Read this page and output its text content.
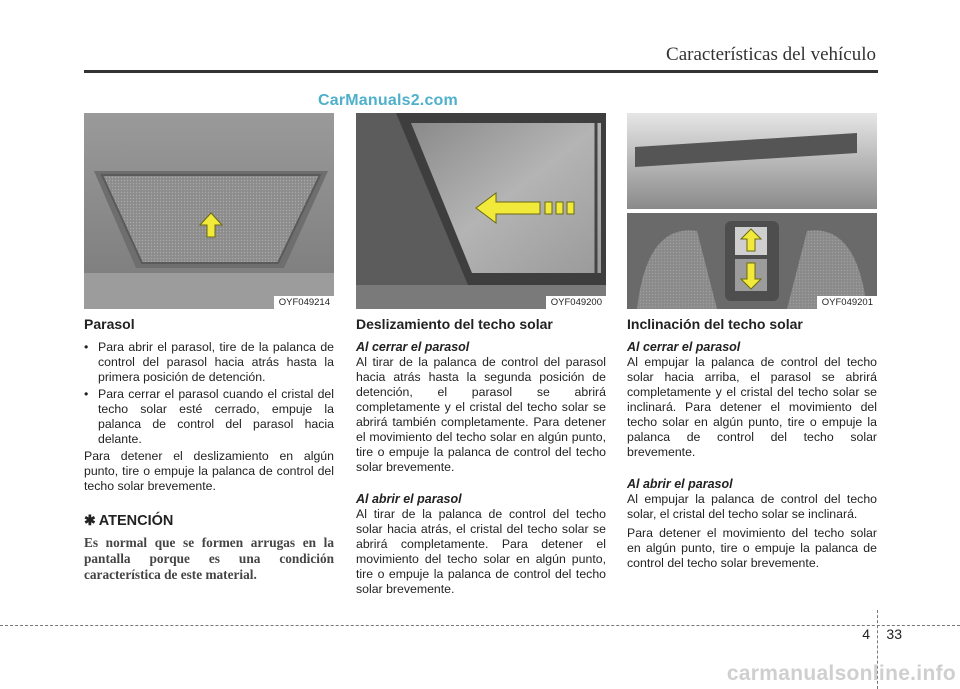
Características del vehículo
CarManuals2.com
OYF049214
Parasol
• Para abrir el parasol, tire de la palanca de control del parasol hacia atrás hasta la primera posición de detención.
• Para cerrar el parasol cuando el cristal del techo solar esté cerrado, empuje la palanca de control del parasol hacia delante.

Para detener el deslizamiento en algún punto, tire o empuje la palanca de control del techo solar brevemente.

✱ ATENCIÓN

Es normal que se formen arrugas en la pantalla porque es una condición característica de este material.

OYF049200
Deslizamiento del techo solar
Al cerrar el parasol

Al tirar de la palanca de control del parasol hacia atrás hasta la segunda posición de detención, el parasol se abrirá completamente y el cristal del techo solar se abrirá también completamente. Para detener el movimiento del techo solar en algún punto, tire o empuje la palanca de control del techo solar brevemente.

Al abrir el parasol

Al tirar de la palanca de control del techo solar hacia atrás, el cristal del techo solar se abrirá completamente. Para detener el movimiento del techo solar en algún punto, tire o empuje la palanca de control del techo solar brevemente.

OYF049201
Inclinación del techo solar
Al cerrar el parasol

Al empujar la palanca de control del techo solar hacia arriba, el parasol se abrirá completamente y el cristal del techo solar se inclinará. Para detener el movimiento del techo solar en algún punto, tire o empuje la palanca de control del techo solar brevemente.

Al abrir el parasol

Al empujar la palanca de control del techo solar, el cristal del techo solar se inclinará.

Para detener el movimiento del techo solar en algún punto, tire o empuje la palanca de control del techo solar brevemente.

4 33
carmanualsonline.info
